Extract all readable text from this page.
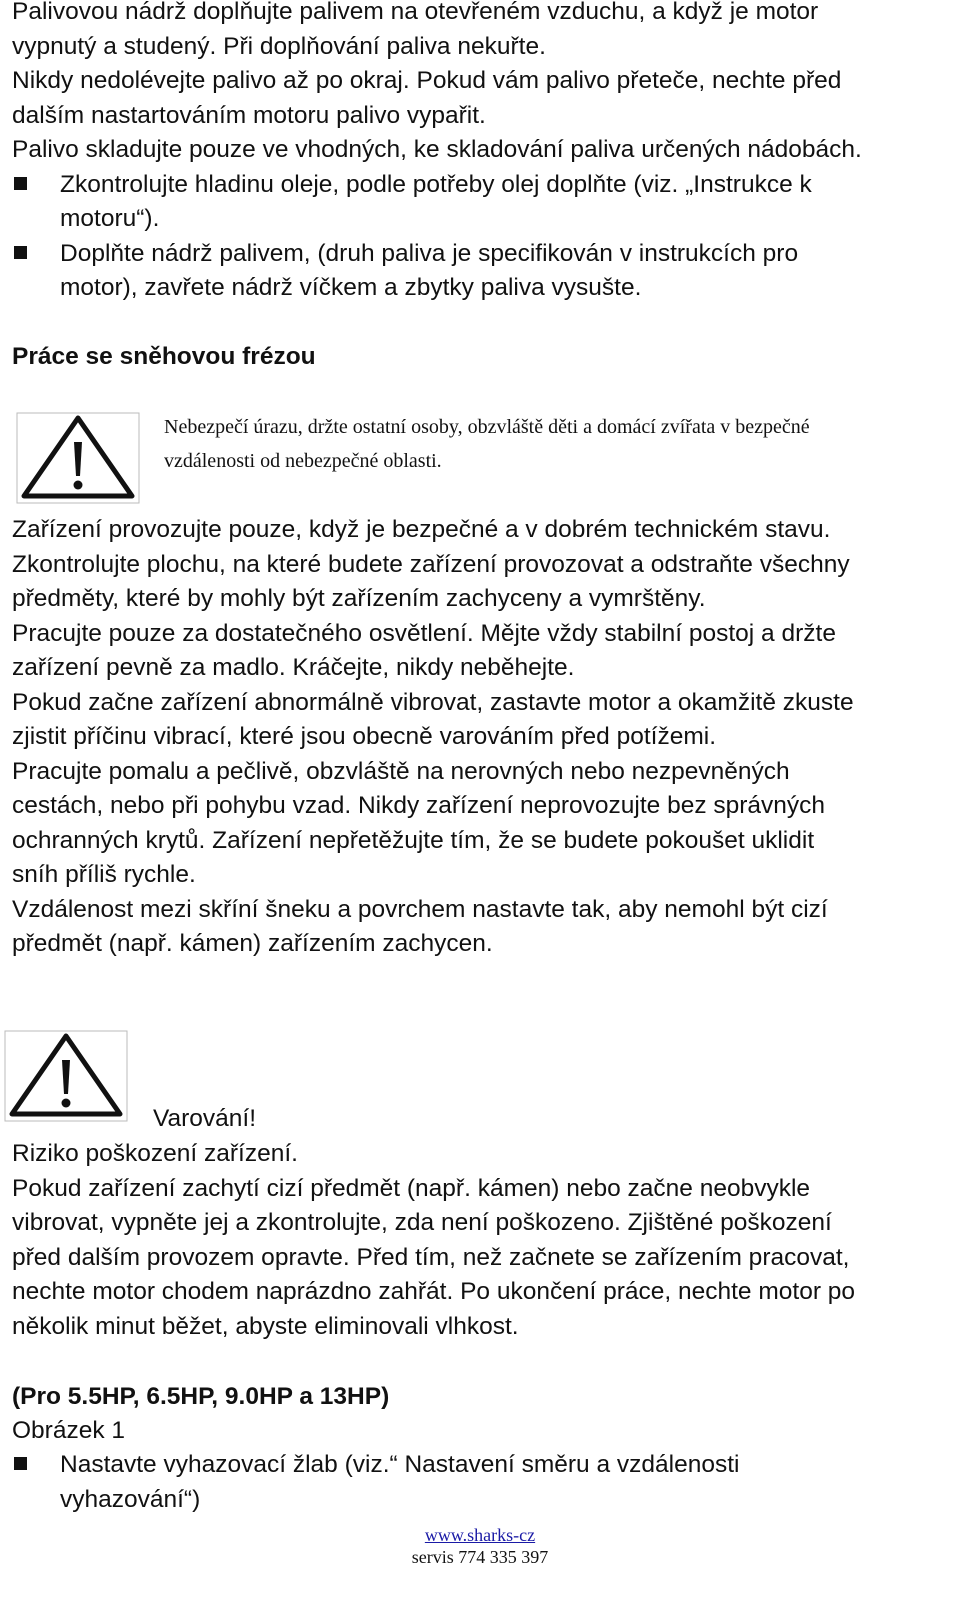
Palivovou nádrž doplňujte palivem na otevřeném vzduchu, a když je motor

vypnutý a studený. Při doplňování paliva nekuřte.

Nikdy nedolévejte palivo až po okraj. Pokud vám palivo přeteče, nechte před

dalším nastartováním motoru palivo vypařit.

Palivo skladujte pouze ve vhodných, ke skladování paliva určených nádobách.

Zkontrolujte hladinu oleje, podle potřeby olej doplňte (viz. „Instrukce k
motoru“).
Doplňte nádrž palivem, (druh paliva je specifikován v instrukcích pro
motor), zavřete nádrž víčkem a zbytky paliva vysušte.

Práce se sněhovou frézou

Nebezpečí úrazu, držte ostatní osoby, obzvláště děti a domácí zvířata v bezpečné
vzdálenosti od nebezpečné oblasti.

Zařízení provozujte pouze, když je bezpečné a v dobrém technickém stavu.

Zkontrolujte plochu, na které budete zařízení provozovat a odstraňte všechny

předměty, které by mohly být zařízením zachyceny a vymrštěny.

Pracujte pouze za dostatečného osvětlení. Mějte vždy stabilní postoj a držte

zařízení pevně za madlo. Kráčejte, nikdy neběhejte.

Pokud začne zařízení abnormálně vibrovat, zastavte motor a okamžitě zkuste

zjistit příčinu vibrací, které jsou obecně varováním před potížemi.

Pracujte pomalu a pečlivě, obzvláště na nerovných nebo nezpevněných

cestách, nebo při pohybu vzad. Nikdy zařízení neprovozujte bez správných

ochranných krytů. Zařízení nepřetěžujte tím, že se budete pokoušet uklidit

sníh příliš rychle.

Vzdálenost mezi skříní šneku a povrchem nastavte tak, aby nemohl být cizí

předmět (např. kámen) zařízením zachycen.

Varování!

Riziko poškození zařízení.

Pokud zařízení zachytí cizí předmět (např. kámen) nebo začne neobvykle

vibrovat, vypněte jej a zkontrolujte, zda není poškozeno. Zjištěné poškození

před dalším provozem opravte. Před tím, než začnete se zařízením pracovat,

nechte motor chodem naprázdno zahřát. Po ukončení práce, nechte motor po

několik minut běžet, abyste eliminovali vlhkost.

(Pro 5.5HP, 6.5HP, 9.0HP a 13HP)

Obrázek 1

Nastavte vyhazovací žlab (viz.“ Nastavení směru a vzdálenosti
vyhazování“)
www.sharks-cz
servis 774 335 397
